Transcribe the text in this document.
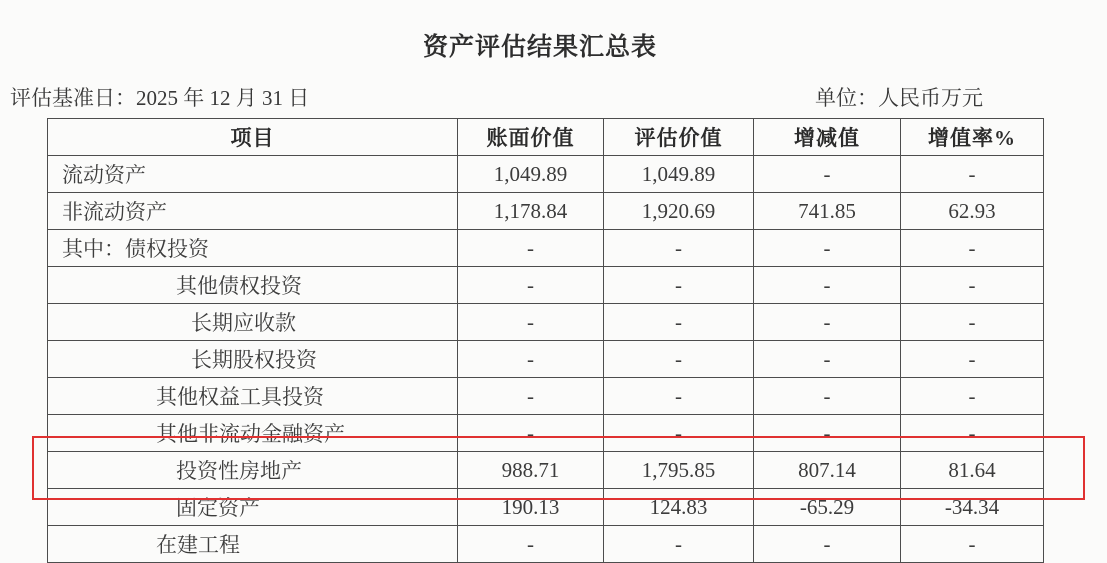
资产评估结果汇总表
评估基准日：2025 年 12 月 31 日	单位：人民币万元
项目	账面价值	评估价值	增减值	增值率%
流动资产	1,049.89	1,049.89	-	-
非流动资产	1,178.84	1,920.69	741.85	62.93
其中：债权投资	-	-	-	-
其他债权投资	-	-	-	-
长期应收款	-	-	-	-
长期股权投资	-	-	-	-
其他权益工具投资	-	-	-	-
其他非流动金融资产	-	-	-	-
投资性房地产	988.71	1,795.85	807.14	81.64
固定资产	190.13	124.83	-65.29	-34.34
在建工程	-	-	-	-
